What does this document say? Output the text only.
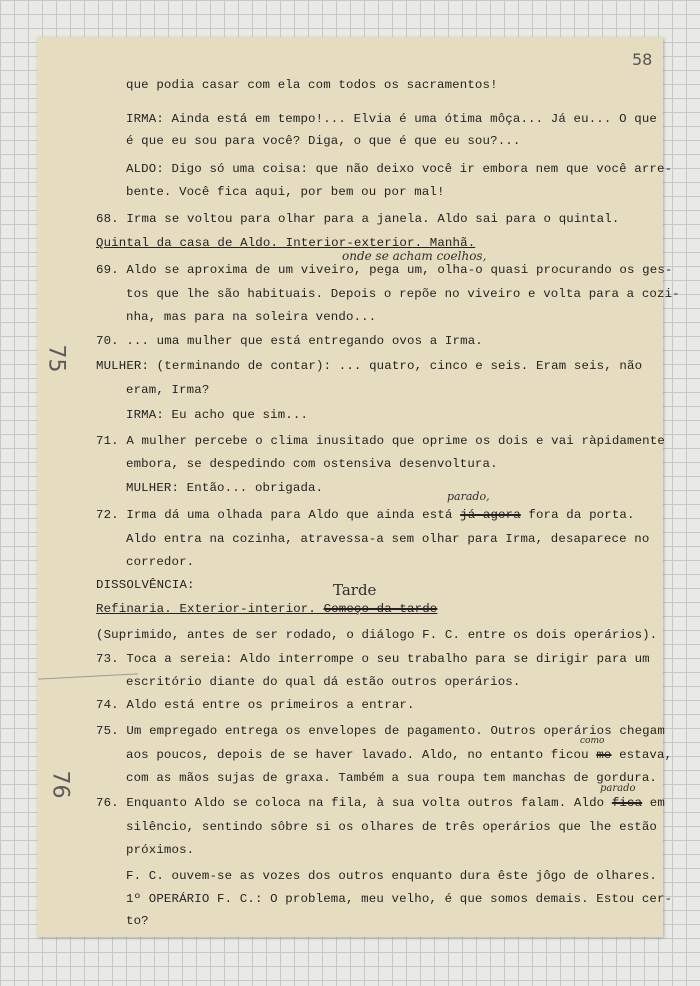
58
75
76
que podia casar com ela com todos os sacramentos!
IRMA: Ainda está em tempo!... Elvia é uma ótima môça... Já eu... O que
é que eu sou para você? Diga, o que é que eu sou?...
ALDO: Digo só uma coisa: que não deixo você ir embora nem que você arre-
bente. Você fica aqui, por bem ou por mal!
68. Irma se voltou para olhar para a janela. Aldo sai para o quintal.
Quintal da casa de Aldo. Interior-exterior. Manhã.
onde se acham coelhos,
69. Aldo se aproxima de um viveiro, pega um, olha-o quasi procurando os ges-
tos que lhe são habituais. Depois o repõe no viveiro e volta para a cozi-
nha, mas para na soleira vendo...
70. ... uma mulher que está entregando ovos a Irma.
MULHER: (terminando de contar): ... quatro, cinco e seis. Eram seis, não
eram, Irma?
IRMA: Eu acho que sim...
71. A mulher percebe o clima inusitado que oprime os dois e vai ràpidamente
embora, se despedindo com ostensiva desenvoltura.
MULHER: Então... obrigada.
parado,
72. Irma dá uma olhada para Aldo que ainda está já agora fora da porta.
Aldo entra na cozinha, atravessa-a sem olhar para Irma, desaparece no
corredor.
DISSOLVÊNCIA:	Tarde
Refinaria. Exterior-interior. Começo da tarde
(Suprimido, antes de ser rodado, o diálogo F. C. entre os dois operários).
73. Toca a sereia: Aldo interrompe o seu trabalho para se dirigir para um
escritório diante do qual dá estão outros operários.
74. Aldo está entre os primeiros a entrar.
75. Um empregado entrega os envelopes de pagamento. Outros operários chegam
como
aos poucos, depois de se haver lavado. Aldo, no entanto ficou me estava,
com as mãos sujas de graxa. Também a sua roupa tem manchas de gordura.
parado
76. Enquanto Aldo se coloca na fila, à sua volta outros falam. Aldo fica em
silêncio, sentindo sôbre si os olhares de três operários que lhe estão
próximos.
F. C. ouvem-se as vozes dos outros enquanto dura êste jôgo de olhares.
1º OPERÁRIO F. C.: O problema, meu velho, é que somos demais. Estou cer-
to?
